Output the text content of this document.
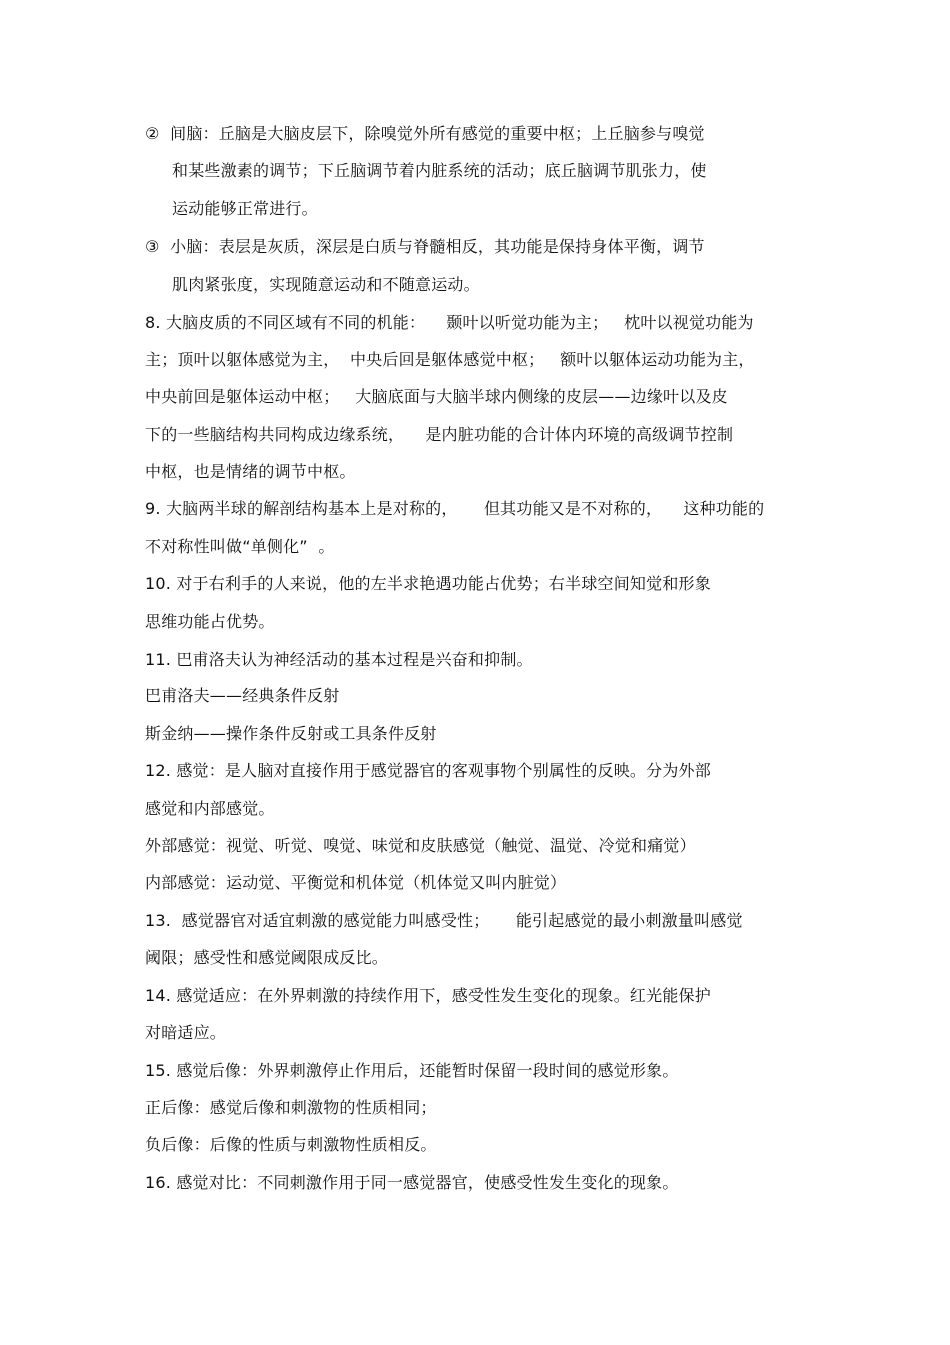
②  间脑：丘脑是大脑皮层下，除嗅觉外所有感觉的重要中枢；上丘脑参与嗅觉
和某些激素的调节；下丘脑调节着内脏系统的活动；底丘脑调节肌张力，使
运动能够正常进行。
③  小脑：表层是灰质，深层是白质与脊髓相反，其功能是保持身体平衡，调节
肌肉紧张度，实现随意运动和不随意运动。
8. 大脑皮质的不同区域有不同的机能：    颞叶以听觉功能为主；   枕叶以视觉功能为
主；顶叶以躯体感觉为主，  中央后回是躯体感觉中枢；   额叶以躯体运动功能为主，
中央前回是躯体运动中枢；   大脑底面与大脑半球内侧缘的皮层——边缘叶以及皮
下的一些脑结构共同构成边缘系统，    是内脏功能的合计体内环境的高级调节控制
中枢，也是情绪的调节中枢。
9. 大脑两半球的解剖结构基本上是对称的，     但其功能又是不对称的，    这种功能的
不对称性叫做“单侧化”  。
10. 对于右利手的人来说，他的左半求艳遇功能占优势；右半球空间知觉和形象
思维功能占优势。
11. 巴甫洛夫认为神经活动的基本过程是兴奋和抑制。
巴甫洛夫——经典条件反射
斯金纳——操作条件反射或工具条件反射
12. 感觉：是人脑对直接作用于感觉器官的客观事物个别属性的反映。分为外部
感觉和内部感觉。
外部感觉：视觉、听觉、嗅觉、味觉和皮肤感觉（触觉、温觉、冷觉和痛觉）
内部感觉：运动觉、平衡觉和机体觉（机体觉又叫内脏觉）
13.  感觉器官对适宜刺激的感觉能力叫感受性；     能引起感觉的最小刺激量叫感觉
阈限；感受性和感觉阈限成反比。
14. 感觉适应：在外界刺激的持续作用下，感受性发生变化的现象。红光能保护
对暗适应。
15. 感觉后像：外界刺激停止作用后，还能暂时保留一段时间的感觉形象。
正后像：感觉后像和刺激物的性质相同；
负后像：后像的性质与刺激物性质相反。
16. 感觉对比：不同刺激作用于同一感觉器官，使感受性发生变化的现象。
